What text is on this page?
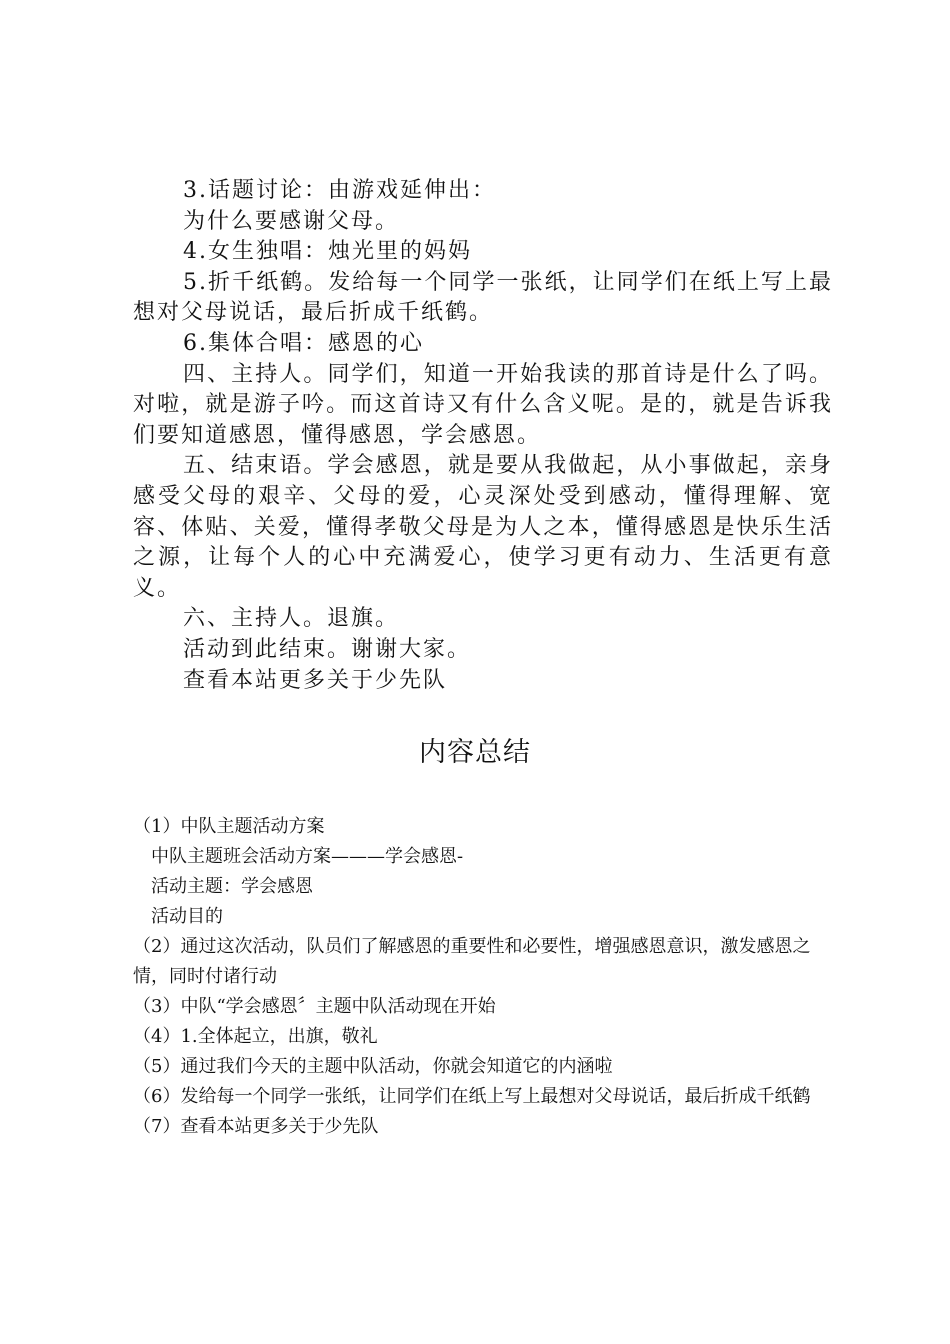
3.话题讨论：由游戏延伸出：

为什么要感谢父母。

4.女生独唱：烛光里的妈妈

5.折千纸鹤。发给每一个同学一张纸，让同学们在纸上写上最想对父母说话，最后折成千纸鹤。

6.集体合唱：感恩的心

四、主持人。同学们，知道一开始我读的那首诗是什么了吗。对啦，就是游子吟。而这首诗又有什么含义呢。是的，就是告诉我们要知道感恩，懂得感恩，学会感恩。

五、结束语。学会感恩，就是要从我做起，从小事做起，亲身感受父母的艰辛、父母的爱，心灵深处受到感动，懂得理解、宽容、体贴、关爱，懂得孝敬父母是为人之本，懂得感恩是快乐生活之源，让每个人的心中充满爱心，使学习更有动力、生活更有意义。

六、主持人。退旗。

活动到此结束。谢谢大家。

查看本站更多关于少先队

内容总结

（1）中队主题活动方案

中队主题班会活动方案———学会感恩-

活动主题：学会感恩

活动目的

（2）通过这次活动，队员们了解感恩的重要性和必要性，增强感恩意识，激发感恩之情，同时付诸行动

（3）中队“学会感恩〞主题中队活动现在开始

（4）1.全体起立，出旗，敬礼

（5）通过我们今天的主题中队活动，你就会知道它的内涵啦

（6）发给每一个同学一张纸，让同学们在纸上写上最想对父母说话，最后折成千纸鹤

（7）查看本站更多关于少先队
